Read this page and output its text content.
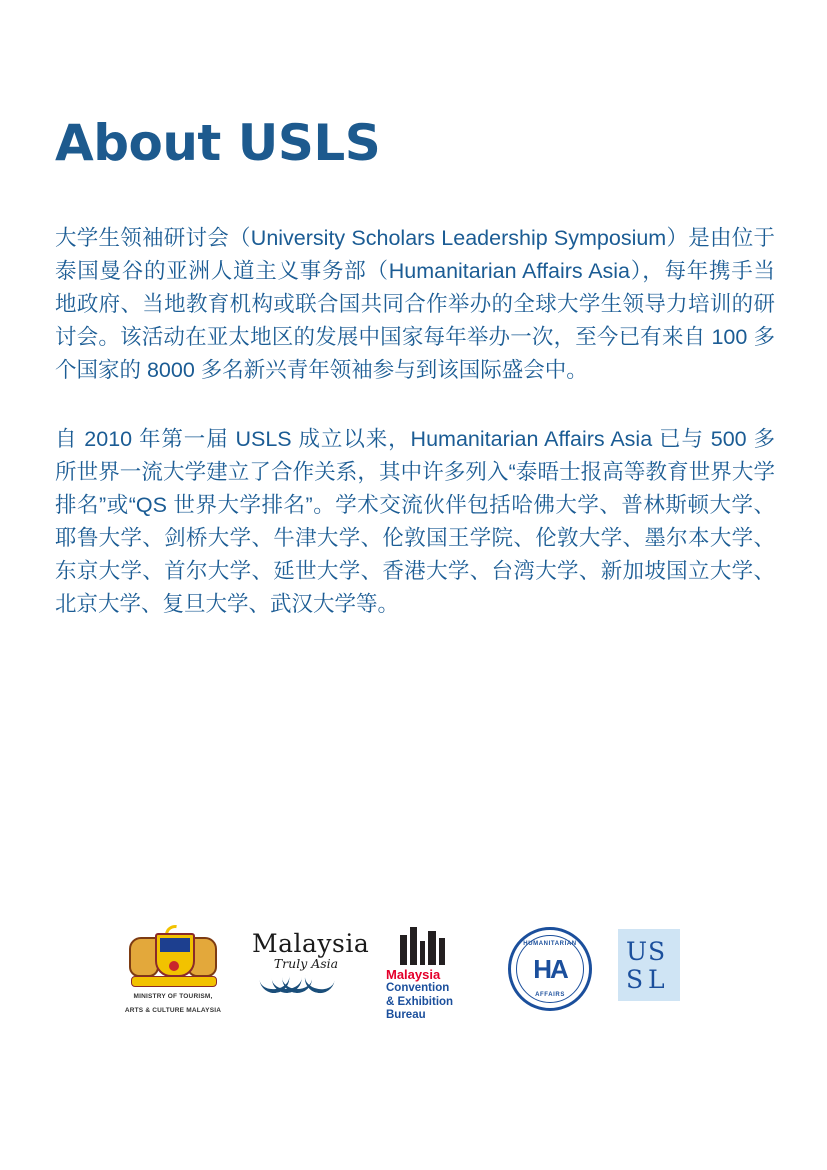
About USLS

大学生领袖研讨会（University Scholars Leadership Symposium）是由位于泰国曼谷的亚洲人道主义事务部（Humanitarian Affairs Asia），每年携手当地政府、当地教育机构或联合国共同合作举办的全球大学生领导力培训的研讨会。该活动在亚太地区的发展中国家每年举办一次，至今已有来自 100 多个国家的 8000 多名新兴青年领袖参与到该国际盛会中。

自 2010 年第一届 USLS 成立以来，Humanitarian Affairs Asia 已与 500 多所世界一流大学建立了合作关系，其中许多列入“泰晤士报高等教育世界大学排名”或“QS 世界大学排名”。学术交流伙伴包括哈佛大学、普林斯顿大学、耶鲁大学、剑桥大学、牛津大学、伦敦国王学院、伦敦大学、墨尔本大学、东京大学、首尔大学、延世大学、香港大学、台湾大学、新加坡国立大学、北京大学、复旦大学、武汉大学等。

MINISTRY OF TOURISM,
ARTS & CULTURE MALAYSIA
Malaysia
Truly Asia
Malaysia
Convention
& Exhibition
Bureau
HUMANITARIAN
HA
AFFAIRS
U S
S L
